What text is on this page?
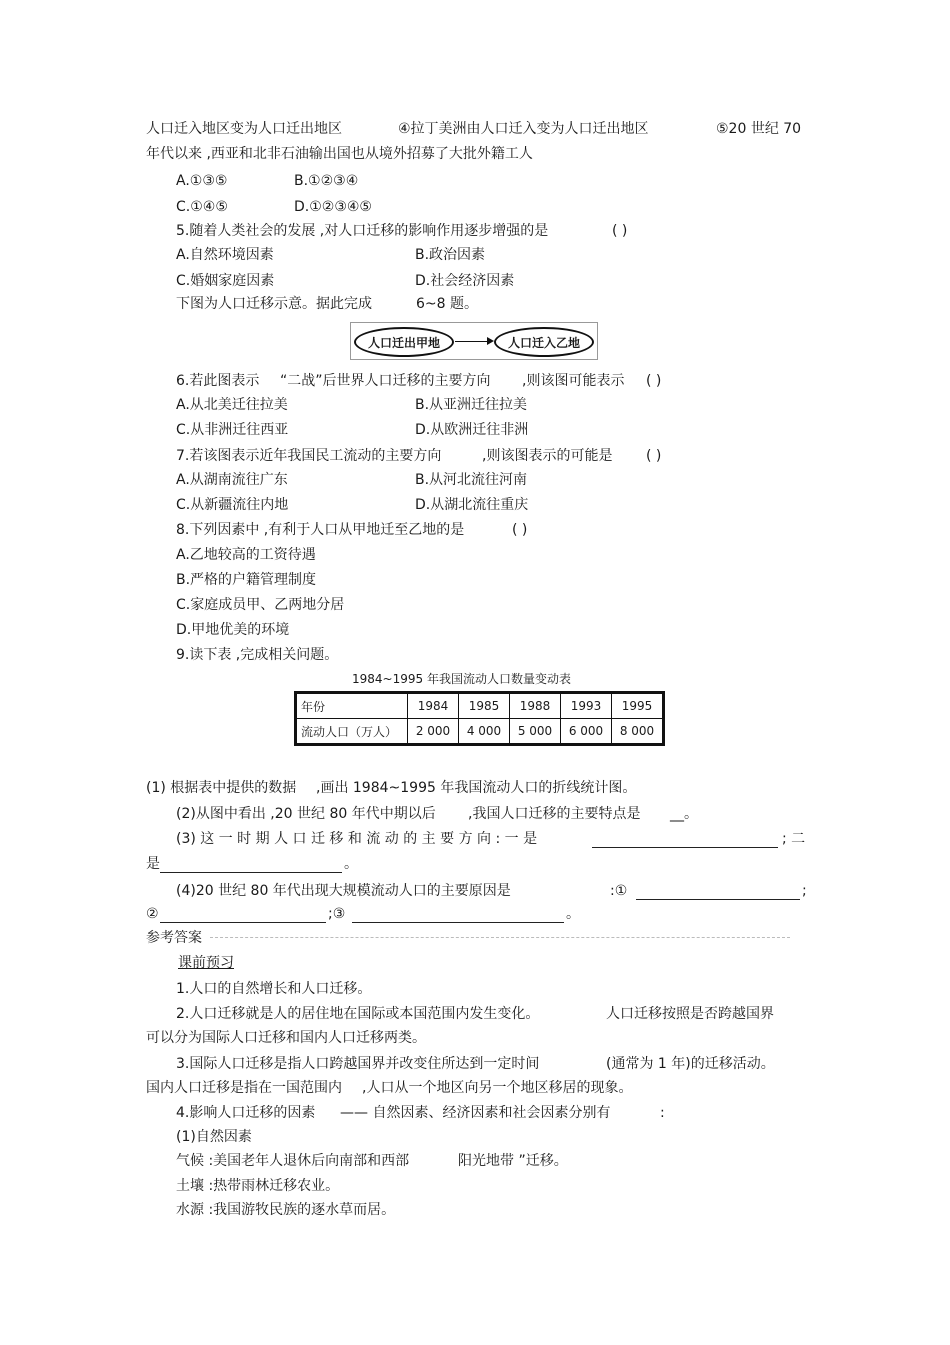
人口迁入地区变为人口迁出地区	④拉丁美洲由人口迁入变为人口迁出地区	⑤20 世纪 70
年代以来 ,西亚和北非石油输出国也从境外招募了大批外籍工人
A.①③⑤	B.①②③④
C.①④⑤	D.①②③④⑤
5.随着人类社会的发展 ,对人口迁移的影响作用逐步增强的是	( )
A.自然环境因素	B.政治因素
C.婚姻家庭因素	D.社会经济因素
下图为人口迁移示意。据此完成	6~8 题。
人口迁出甲地	人口迁入乙地
6.若此图表示 “二战”后世界人口迁移的主要方向 ,则该图可能表示 ( )
A.从北美迁往拉美	B.从亚洲迁往拉美
C.从非洲迁往西亚	D.从欧洲迁往非洲
7.若该图表示近年我国民工流动的主要方向	,则该图表示的可能是 ( )
A.从湖南流往广东	B.从河北流往河南
C.从新疆流往内地	D.从湖北流往重庆
8.下列因素中 ,有利于人口从甲地迁至乙地的是	( )
A.乙地较高的工资待遇
B.严格的户籍管理制度
C.家庭成员甲、乙两地分居
D.甲地优美的环境
9.读下表 ,完成相关问题。
1984~1995 年我国流动人口数量变动表
年份	1984	1985	1988	1993	1995
流动人口（万人）	2 000	4 000	5 000	6 000	8 000
(1) 根据表中提供的数据 ,画出 1984~1995 年我国流动人口的折线统计图。
(2)从图中看出 ,20 世纪 80 年代中期以后 ,我国人口迁移的主要特点是 __。
(3) 这 一 时 期 人 口 迁 移 和 流 动 的 主 要 方 向 : 一 是	; 二
是	。
(4)20 世纪 80 年代出现大规模流动人口的主要原因是	:①	;
②	;③	。
参考答案
课前预习
1.人口的自然增长和人口迁移。
2.人口迁移就是人的居住地在国际或本国范围内发生变化。	人口迁移按照是否跨越国界
可以分为国际人口迁移和国内人口迁移两类。
3.国际人口迁移是指人口跨越国界并改变住所达到一定时间	(通常为 1 年)的迁移活动。
国内人口迁移是指在一国范围内 ,人口从一个地区向另一个地区移居的现象。
4.影响人口迁移的因素 —— 自然因素、经济因素和社会因素分别有	:
(1)自然因素
气候 :美国老年人退休后向南部和西部	阳光地带 ”迁移。
土壤 :热带雨林迁移农业。
水源 :我国游牧民族的逐水草而居。
